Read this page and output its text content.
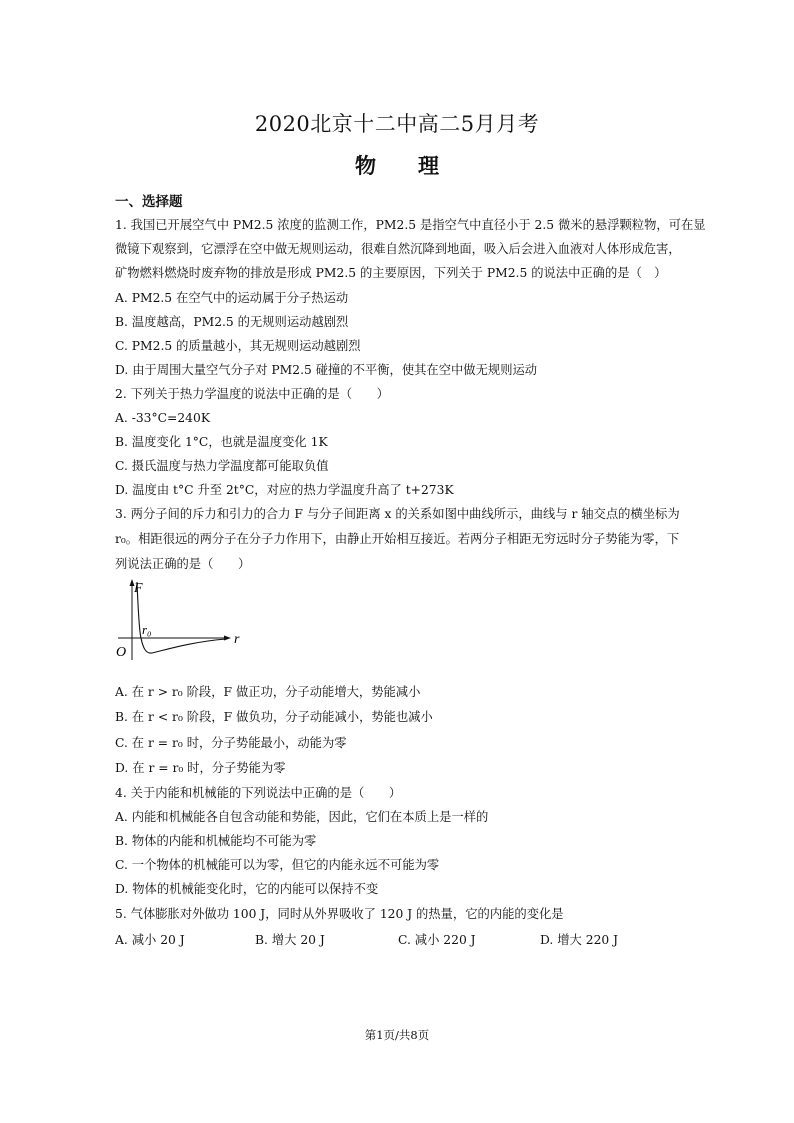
2020北京十二中高二5月月考
物理
一、选择题
1. 我国已开展空气中 PM2.5 浓度的监测工作，PM2.5 是指空气中直径小于 2.5 微米的悬浮颗粒物，可在显
微镜下观察到，它漂浮在空中做无规则运动，很难自然沉降到地面，吸入后会进入血液对人体形成危害，
矿物燃料燃烧时废弃物的排放是形成 PM2.5 的主要原因，下列关于 PM2.5 的说法中正确的是（　）
A. PM2.5 在空气中的运动属于分子热运动
B. 温度越高，PM2.5 的无规则运动越剧烈
C. PM2.5 的质量越小，其无规则运动越剧烈
D. 由于周围大量空气分子对 PM2.5 碰撞的不平衡，使其在空中做无规则运动
2. 下列关于热力学温度的说法中正确的是（　　）
A. -33°C=240K
B. 温度变化 1°C，也就是温度变化 1K
C. 摄氏温度与热力学温度都可能取负值
D. 温度由 t°C 升至 2t°C，对应的热力学温度升高了 t+273K
3. 两分子间的斥力和引力的合力 F 与分子间距离 x 的关系如图中曲线所示，曲线与 r 轴交点的横坐标为
r₀。相距很远的两分子在分子力作用下，由静止开始相互接近。若两分子相距无穷远时分子势能为零，下
列说法正确的是（　　）
F
r
O
r₀
A. 在 r > r₀ 阶段，F 做正功，分子动能增大，势能减小
B. 在 r < r₀ 阶段，F 做负功，分子动能减小，势能也减小
C. 在 r = r₀ 时，分子势能最小，动能为零
D. 在 r = r₀ 时，分子势能为零
4. 关于内能和机械能的下列说法中正确的是（　　）
A. 内能和机械能各自包含动能和势能，因此，它们在本质上是一样的
B. 物体的内能和机械能均不可能为零
C. 一个物体的机械能可以为零，但它的内能永远不可能为零
D. 物体的机械能变化时，它的内能可以保持不变
5. 气体膨胀对外做功 100 J，同时从外界吸收了 120 J 的热量，它的内能的变化是
A. 减小 20 J	B. 增大 20 J	C. 减小 220 J	D. 增大 220 J
第1页/共8页
